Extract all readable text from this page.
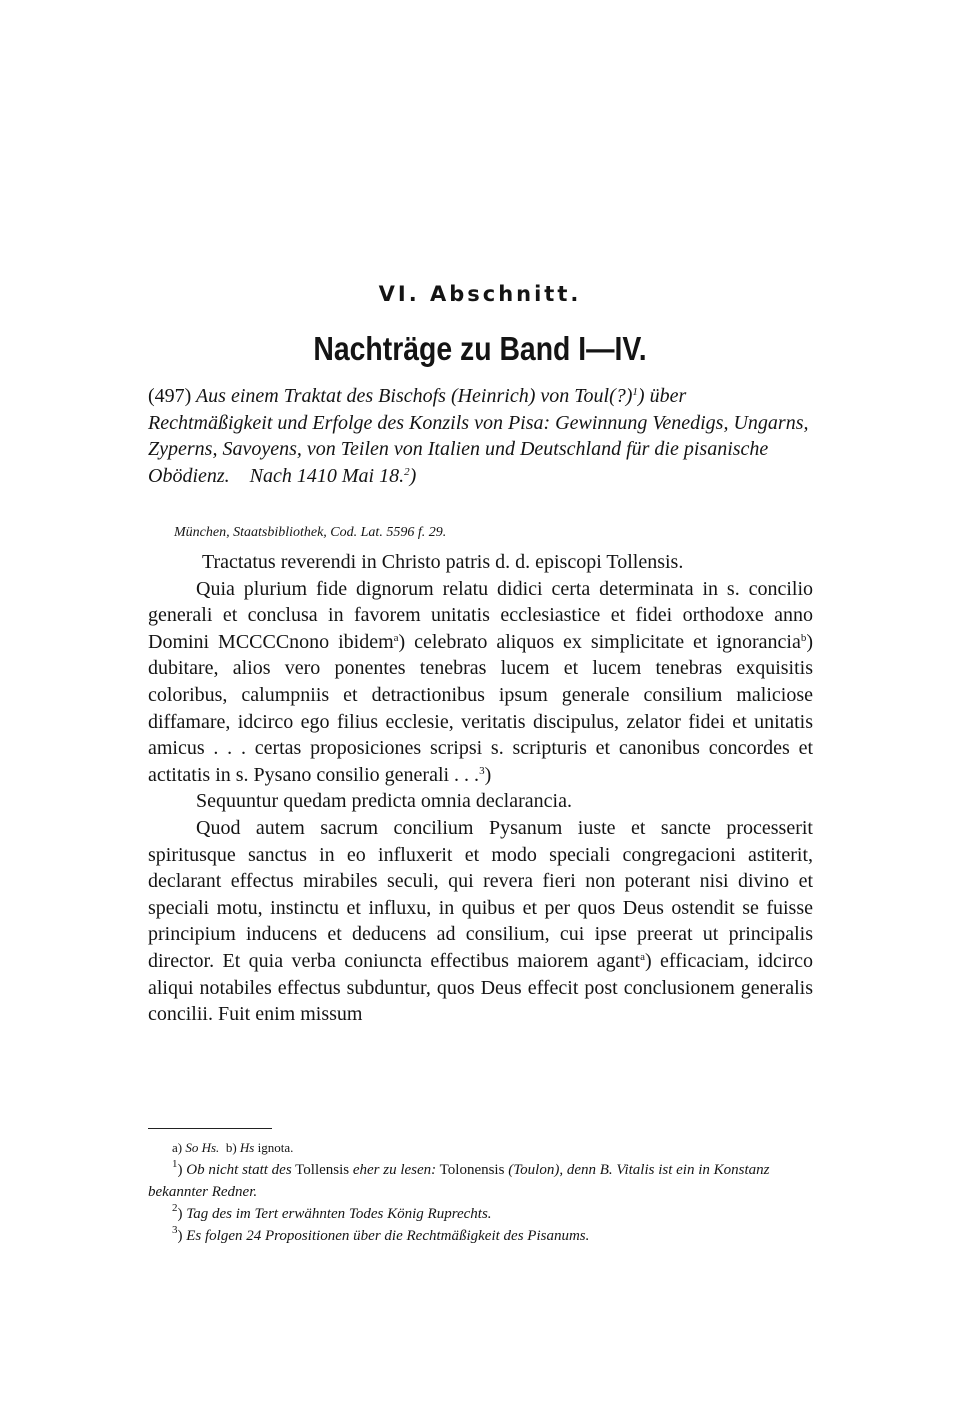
VI. Abschnitt.
Nachträge zu Band I—IV.
(497) Aus einem Traktat des Bischofs (Heinrich) von Toul(?)$^1$) über Rechtmäßigkeit und Erfolge des Konzils von Pisa: Gewinnung Venedigs, Ungarns, Zyperns, Savoyens, von Teilen von Italien und Deutschland für die pisanische Obödienz. Nach 1410 Mai 18.$^2$)
München, Staatsbibliothek, Cod. Lat. 5596 f. 29.

Tractatus reverendi in Christo patris d. d. episcopi Tollensis.

Quia plurium fide dignorum relatu didici certa determinata in s. concilio generali et conclusa in favorem unitatis ecclesiastice et fidei orthodoxe anno Domini MCCCCnono ibidem$^a$) celebrato aliquos ex simplicitate et ignorancia$^b$) dubitare, alios vero ponentes tenebras lucem et lucem tenebras exquisitis coloribus, calumpniis et detractionibus ipsum generale consilium maliciose diffamare, idcirco ego filius ecclesie, veritatis discipulus, zelator fidei et unitatis amicus . . . certas proposiciones scripsi s. scripturis et canonibus concordes et actitatis in s. Pysano consilio generali . . .$^3$)

Sequuntur quedam predicta omnia declarancia.

Quod autem sacrum concilium Pysanum iuste et sancte processerit spiritusque sanctus in eo influxerit et modo speciali congregacioni astiterit, declarant effectus mirabiles seculi, qui revera fieri non poterant nisi divino et speciali motu, instinctu et influxu, in quibus et per quos Deus ostendit se fuisse principium inducens et deducens ad consilium, cui ipse preerat ut principalis director. Et quia verba coniuncta effectibus maiorem agant$^a$) efficaciam, idcirco aliqui notabiles effectus subduntur, quos Deus effecit post conclusionem generalis concilii. Fuit enim missum

a) So Hs. b) Hs ignota.

$^1$) Ob nicht statt des Tollensis eher zu lesen: Tolonensis (Toulon), denn B. Vitalis ist ein in Konstanz bekannter Redner.

$^2$) Tag des im Tert erwähnten Todes König Ruprechts.

$^3$) Es folgen 24 Propositionen über die Rechtmäßigkeit des Pisanums.
